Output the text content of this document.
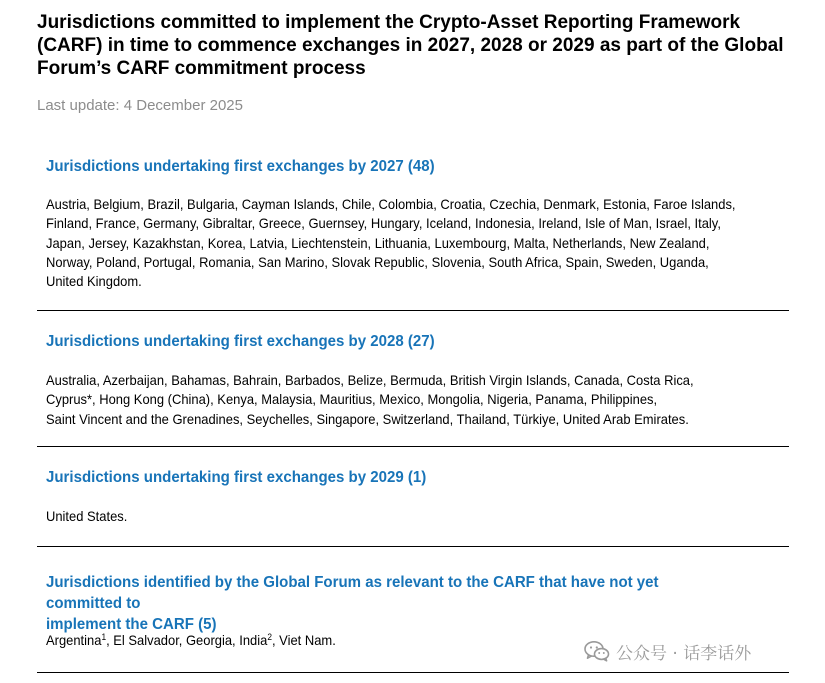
Jurisdictions committed to implement the Crypto-Asset Reporting Framework (CARF) in time to commence exchanges in 2027, 2028 or 2029 as part of the Global Forum’s CARF commitment process
Last update: 4 December 2025
Jurisdictions undertaking first exchanges by 2027 (48)
Austria, Belgium, Brazil, Bulgaria, Cayman Islands, Chile, Colombia, Croatia, Czechia, Denmark, Estonia, Faroe Islands,
Finland, France, Germany, Gibraltar, Greece, Guernsey, Hungary, Iceland, Indonesia, Ireland, Isle of Man, Israel, Italy,
Japan, Jersey, Kazakhstan, Korea, Latvia, Liechtenstein, Lithuania, Luxembourg, Malta, Netherlands, New Zealand,
Norway, Poland, Portugal, Romania, San Marino, Slovak Republic, Slovenia, South Africa, Spain, Sweden, Uganda,
United Kingdom.
Jurisdictions undertaking first exchanges by 2028 (27)
Australia, Azerbaijan, Bahamas, Bahrain, Barbados, Belize, Bermuda, British Virgin Islands, Canada, Costa Rica,
Cyprus*, Hong Kong (China), Kenya, Malaysia, Mauritius, Mexico, Mongolia, Nigeria, Panama, Philippines,
Saint Vincent and the Grenadines, Seychelles, Singapore, Switzerland, Thailand, Türkiye, United Arab Emirates.
Jurisdictions undertaking first exchanges by 2029 (1)
United States.
Jurisdictions identified by the Global Forum as relevant to the CARF that have not yet committed to
implement the CARF (5)
Argentina$^1$, El Salvador, Georgia, India$^2$, Viet Nam.
公众号 · 话李话外
